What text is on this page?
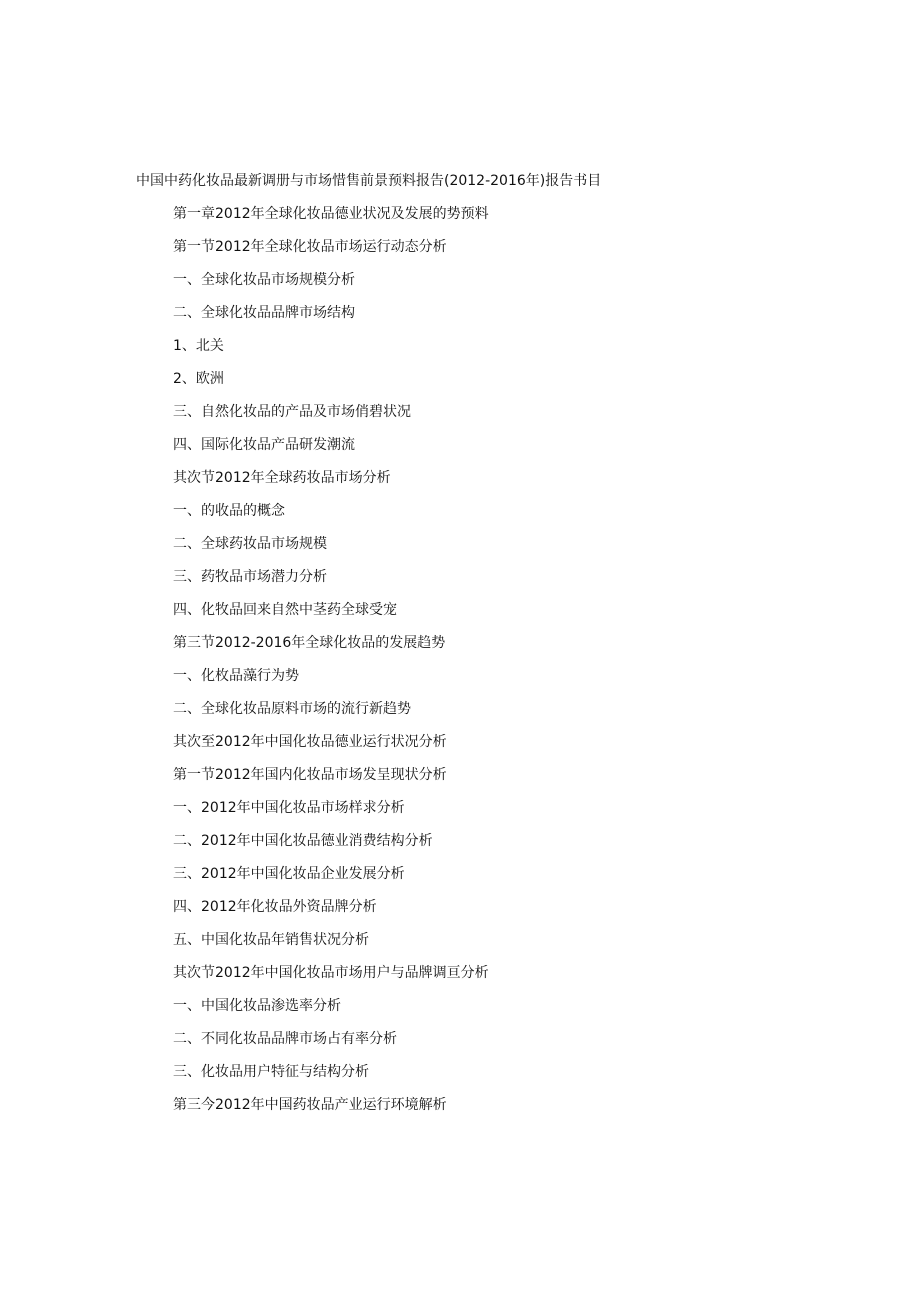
中国中药化妆品最新调册与市场惜售前景预料报告(2012-2016年)报告书目
第一章2012年全球化妆品德业状况及发展的势预料
第一节2012年全球化妆品市场运行动态分析
一、全球化妆品市场规模分析
二、全球化妆品品牌市场结构
1、北关
2、欧洲
三、自然化妆品的产品及市场俏碧状况
四、国际化妆品产品研发潮流
其次节2012年全球药妆品市场分析
一、的收品的概念
二、全球药妆品市场规模
三、药牧品市场潜力分析
四、化牧品回来自然中茎药全球受宠
第三节2012-2016年全球化妆品的发展趋势
一、化枚品藻行为势
二、全球化妆品原料市场的流行新趋势
其次至2012年中国化妆品德业运行状况分析
第一节2012年国内化妆品市场发呈现状分析
一、2012年中国化妆品市场样求分析
二、2012年中国化妆品德业消费结构分析
三、2012年中国化妆品企业发展分析
四、2012年化妆品外资品牌分析
五、中国化妆品年销售状况分析
其次节2012年中国化妆品市场用户与品牌调亘分析
一、中国化妆品渗选率分析
二、不同化妆品品牌市场占有率分析
三、化妆品用户特征与结构分析
第三今2012年中国药妆品产业运行环境解析
